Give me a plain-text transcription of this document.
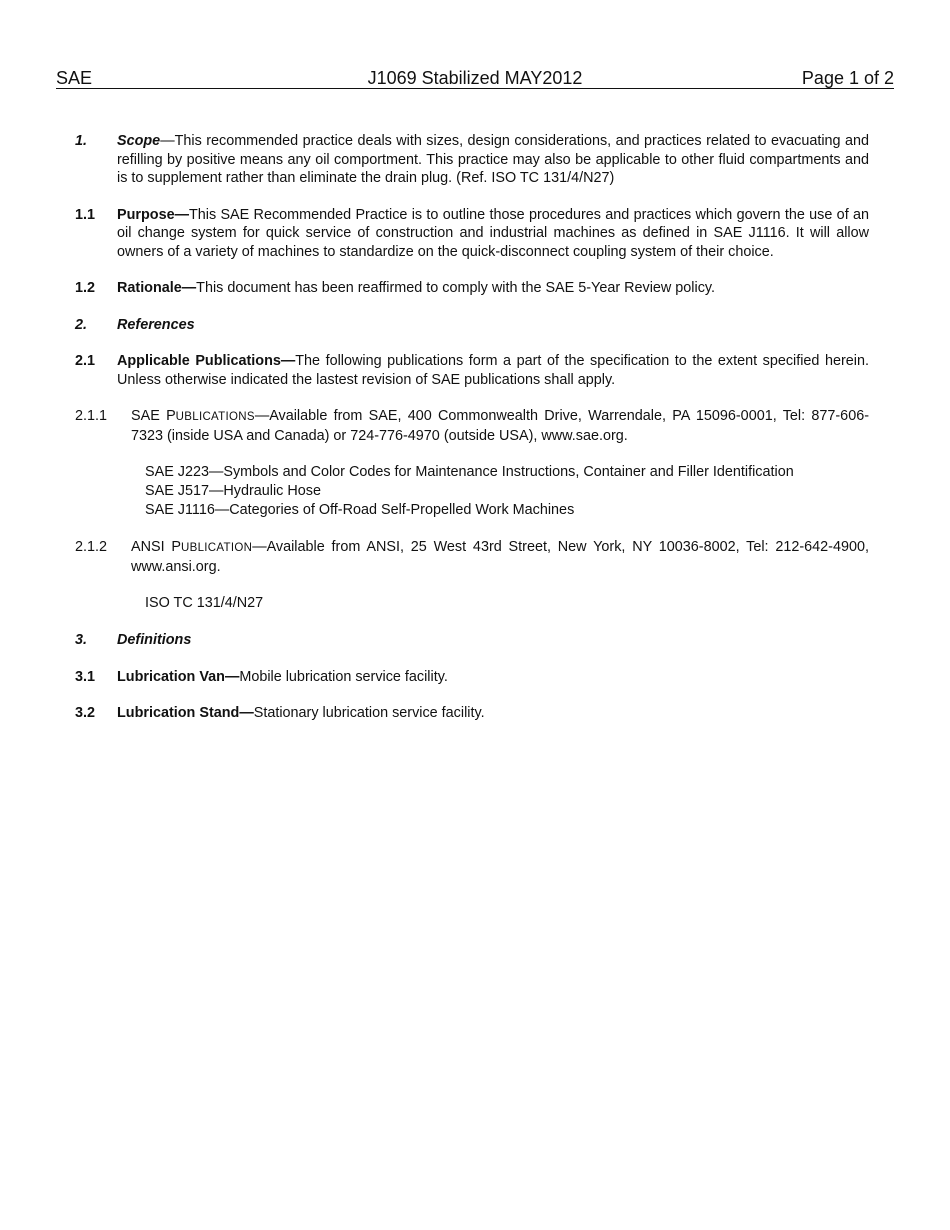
SAE	J1069 Stabilized MAY2012	Page 1 of 2
1.	Scope—This recommended practice deals with sizes, design considerations, and practices related to evacuating and refilling by positive means any oil comportment. This practice may also be applicable to other fluid compartments and is to supplement rather than eliminate the drain plug. (Ref. ISO TC 131/4/N27)
1.1	Purpose—This SAE Recommended Practice is to outline those procedures and practices which govern the use of an oil change system for quick service of construction and industrial machines as defined in SAE J1116. It will allow owners of a variety of machines to standardize on the quick-disconnect coupling system of their choice.
1.2	Rationale—This document has been reaffirmed to comply with the SAE 5-Year Review policy.
2.	References
2.1	Applicable Publications—The following publications form a part of the specification to the extent specified herein. Unless otherwise indicated the lastest revision of SAE publications shall apply.
2.1.1	SAE PUBLICATIONS—Available from SAE, 400 Commonwealth Drive, Warrendale, PA 15096-0001, Tel: 877-606-7323 (inside USA and Canada) or 724-776-4970 (outside USA), www.sae.org.
SAE J223—Symbols and Color Codes for Maintenance Instructions, Container and Filler Identification
SAE J517—Hydraulic Hose
SAE J1116—Categories of Off-Road Self-Propelled Work Machines
2.1.2	ANSI PUBLICATION—Available from ANSI, 25 West 43rd Street, New York, NY 10036-8002, Tel: 212-642-4900, www.ansi.org.
ISO TC 131/4/N27
3.	Definitions
3.1	Lubrication Van—Mobile lubrication service facility.
3.2	Lubrication Stand—Stationary lubrication service facility.
